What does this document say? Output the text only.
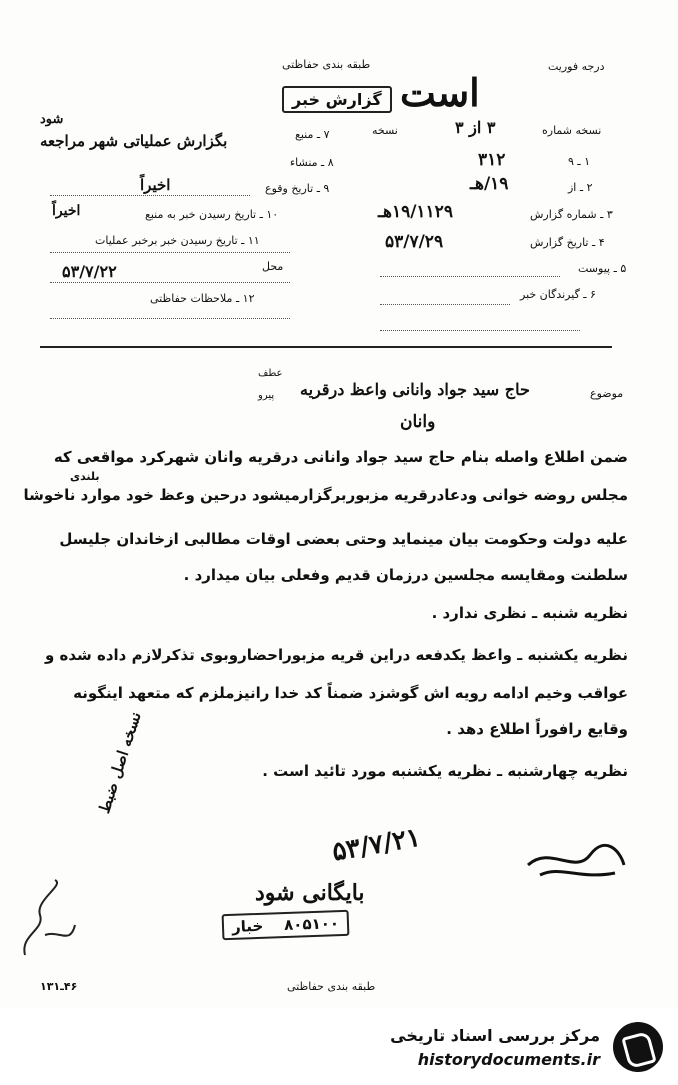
درجه فوریت
طبقه بندی حفاظتی
است
گزارش خبر
نسخه شماره
۳ از ۳
نسخه
شود
۷ ـ منبع
بگزارش عملیاتی شهر مراجعه
۸ ـ منشاء
۹ ـ تاریخ وقوع
اخیراً
۱۰ ـ تاریخ رسیدن خبر به منبع
اخیراً
۱۱ ـ تاریخ رسیدن خبر برخبر عملیات
محل
۵۳/۷/۲۲
۱۲ ـ ملاحظات حفاظتی
۱ ـ ۹
۳۱۲
۲ ـ از
۱۹/هـ
۳ ـ شماره گزارش
۱۹/۱۱۲۹هـ
۴ ـ تاریخ گزارش
۵۳/۷/۲۹
۵ ـ پیوست
۶ ـ گیرندگان خبر
موضوع
عطف
پیرو حاج سید جواد وانانی واعظ درقریه
وانان
ضمن اطلاع واصله بنام حاج سید جواد وانانی درقریه وانان شهرکرد مواقعی که
بلندی
مجلس روضه خوانی ودعادرقریه مزبوربرگزارمیشود درحین وعظ خود موارد ناخوشا
علیه دولت وحکومت بیان مینماید وحتی بعضی اوقات مطالبی ازخاندان جلیسل
سلطنت ومقایسه مجلسین درزمان قدیم وفعلی بیان میدارد .
نظریه شنبه ـ نظری ندارد .
نظریه یکشنبه ـ واعظ یکدفعه دراین قریه مزبوراحضاروبوی تذکرلازم داده شده و
عواقب وخیم ادامه رویه اش گوشزد ضمناً کد خدا رانیزملزم که متعهد اینگونه
وقایع رافوراً اطلاع دهد .
نظریه چهارشنبه ـ نظریه یکشنبه مورد تائید است .
۵۳/۷/۲۱
نسخه اصل ضبط
بایگانی شود
۸۰۵۱۰۰    خبار
طبقه بندی حفاظتی
۴۶ـ۱۳۱
مرکز بررسی اسناد تاریخی
historydocuments.ir
